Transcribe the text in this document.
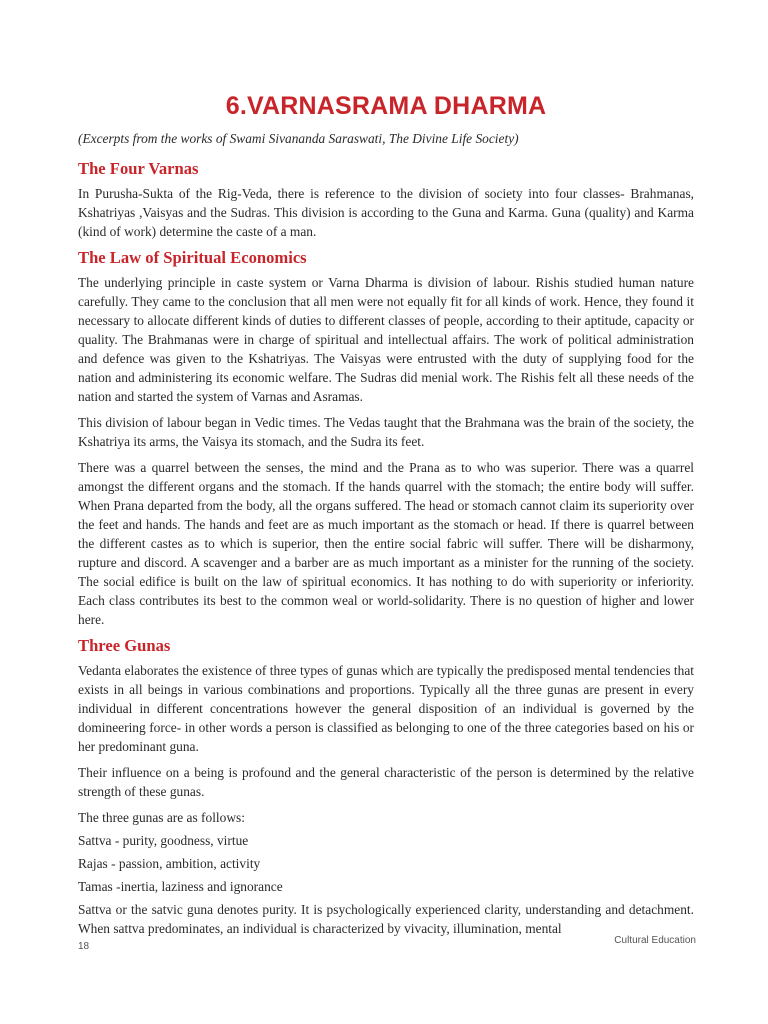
6.VARNASRAMA DHARMA
(Excerpts from the works of Swami Sivananda Saraswati, The Divine Life Society)
The Four Varnas

In Purusha-Sukta of the Rig-Veda, there is reference to the division of society into four classes- Brahmanas, Kshatriyas ,Vaisyas and the Sudras. This division is according to the Guna and Karma. Guna (quality) and Karma (kind of work) determine the caste of a man.

The Law of Spiritual Economics

The underlying principle in caste system or Varna Dharma is division of labour. Rishis studied human nature carefully. They came to the conclusion that all men were not equally fit for all kinds of work. Hence, they found it necessary to allocate different kinds of duties to different classes of people, according to their aptitude, capacity or quality. The Brahmanas were in charge of spiritual and intellectual affairs. The work of political administration and defence was given to the Kshatriyas. The Vaisyas were entrusted with the duty of supplying food for the nation and administering its economic welfare. The Sudras did menial work. The Rishis felt all these needs of the nation and started the system of Varnas and Asramas.

This division of labour began in Vedic times. The Vedas taught that the Brahmana was the brain of the society, the Kshatriya its arms, the Vaisya its stomach, and the Sudra its feet.

There was a quarrel between the senses, the mind and the Prana as to who was superior. There was a quarrel amongst the different organs and the stomach. If the hands quarrel with the stomach; the entire body will suffer. When Prana departed from the body, all the organs suffered. The head or stomach cannot claim its superiority over the feet and hands. The hands and feet are as much important as the stomach or head. If there is quarrel between the different castes as to which is superior, then the entire social fabric will suffer. There will be disharmony, rupture and discord. A scavenger and a barber are as much important as a minister for the running of the society. The social edifice is built on the law of spiritual economics. It has nothing to do with superiority or inferiority. Each class contributes its best to the common weal or world-solidarity. There is no question of higher and lower here.

Three Gunas

Vedanta elaborates the existence of three types of gunas which are typically the predisposed mental tendencies that exists in all beings in various combinations and proportions. Typically all the three gunas are present in every individual in different concentrations however the general disposition of an individual is governed by the domineering force- in other words a person is classified as belonging to one of the three categories based on his or her predominant guna.

Their influence on a being is profound and the general characteristic of the person is determined by the relative strength of these gunas.

The three gunas are as follows:

Sattva - purity, goodness, virtue

Rajas - passion, ambition, activity

Tamas -inertia, laziness and ignorance

Sattva or the satvic guna denotes purity. It is psychologically experienced clarity, understanding and detachment. When sattva predominates, an individual is characterized by vivacity, illumination, mental

18
Cultural Education
